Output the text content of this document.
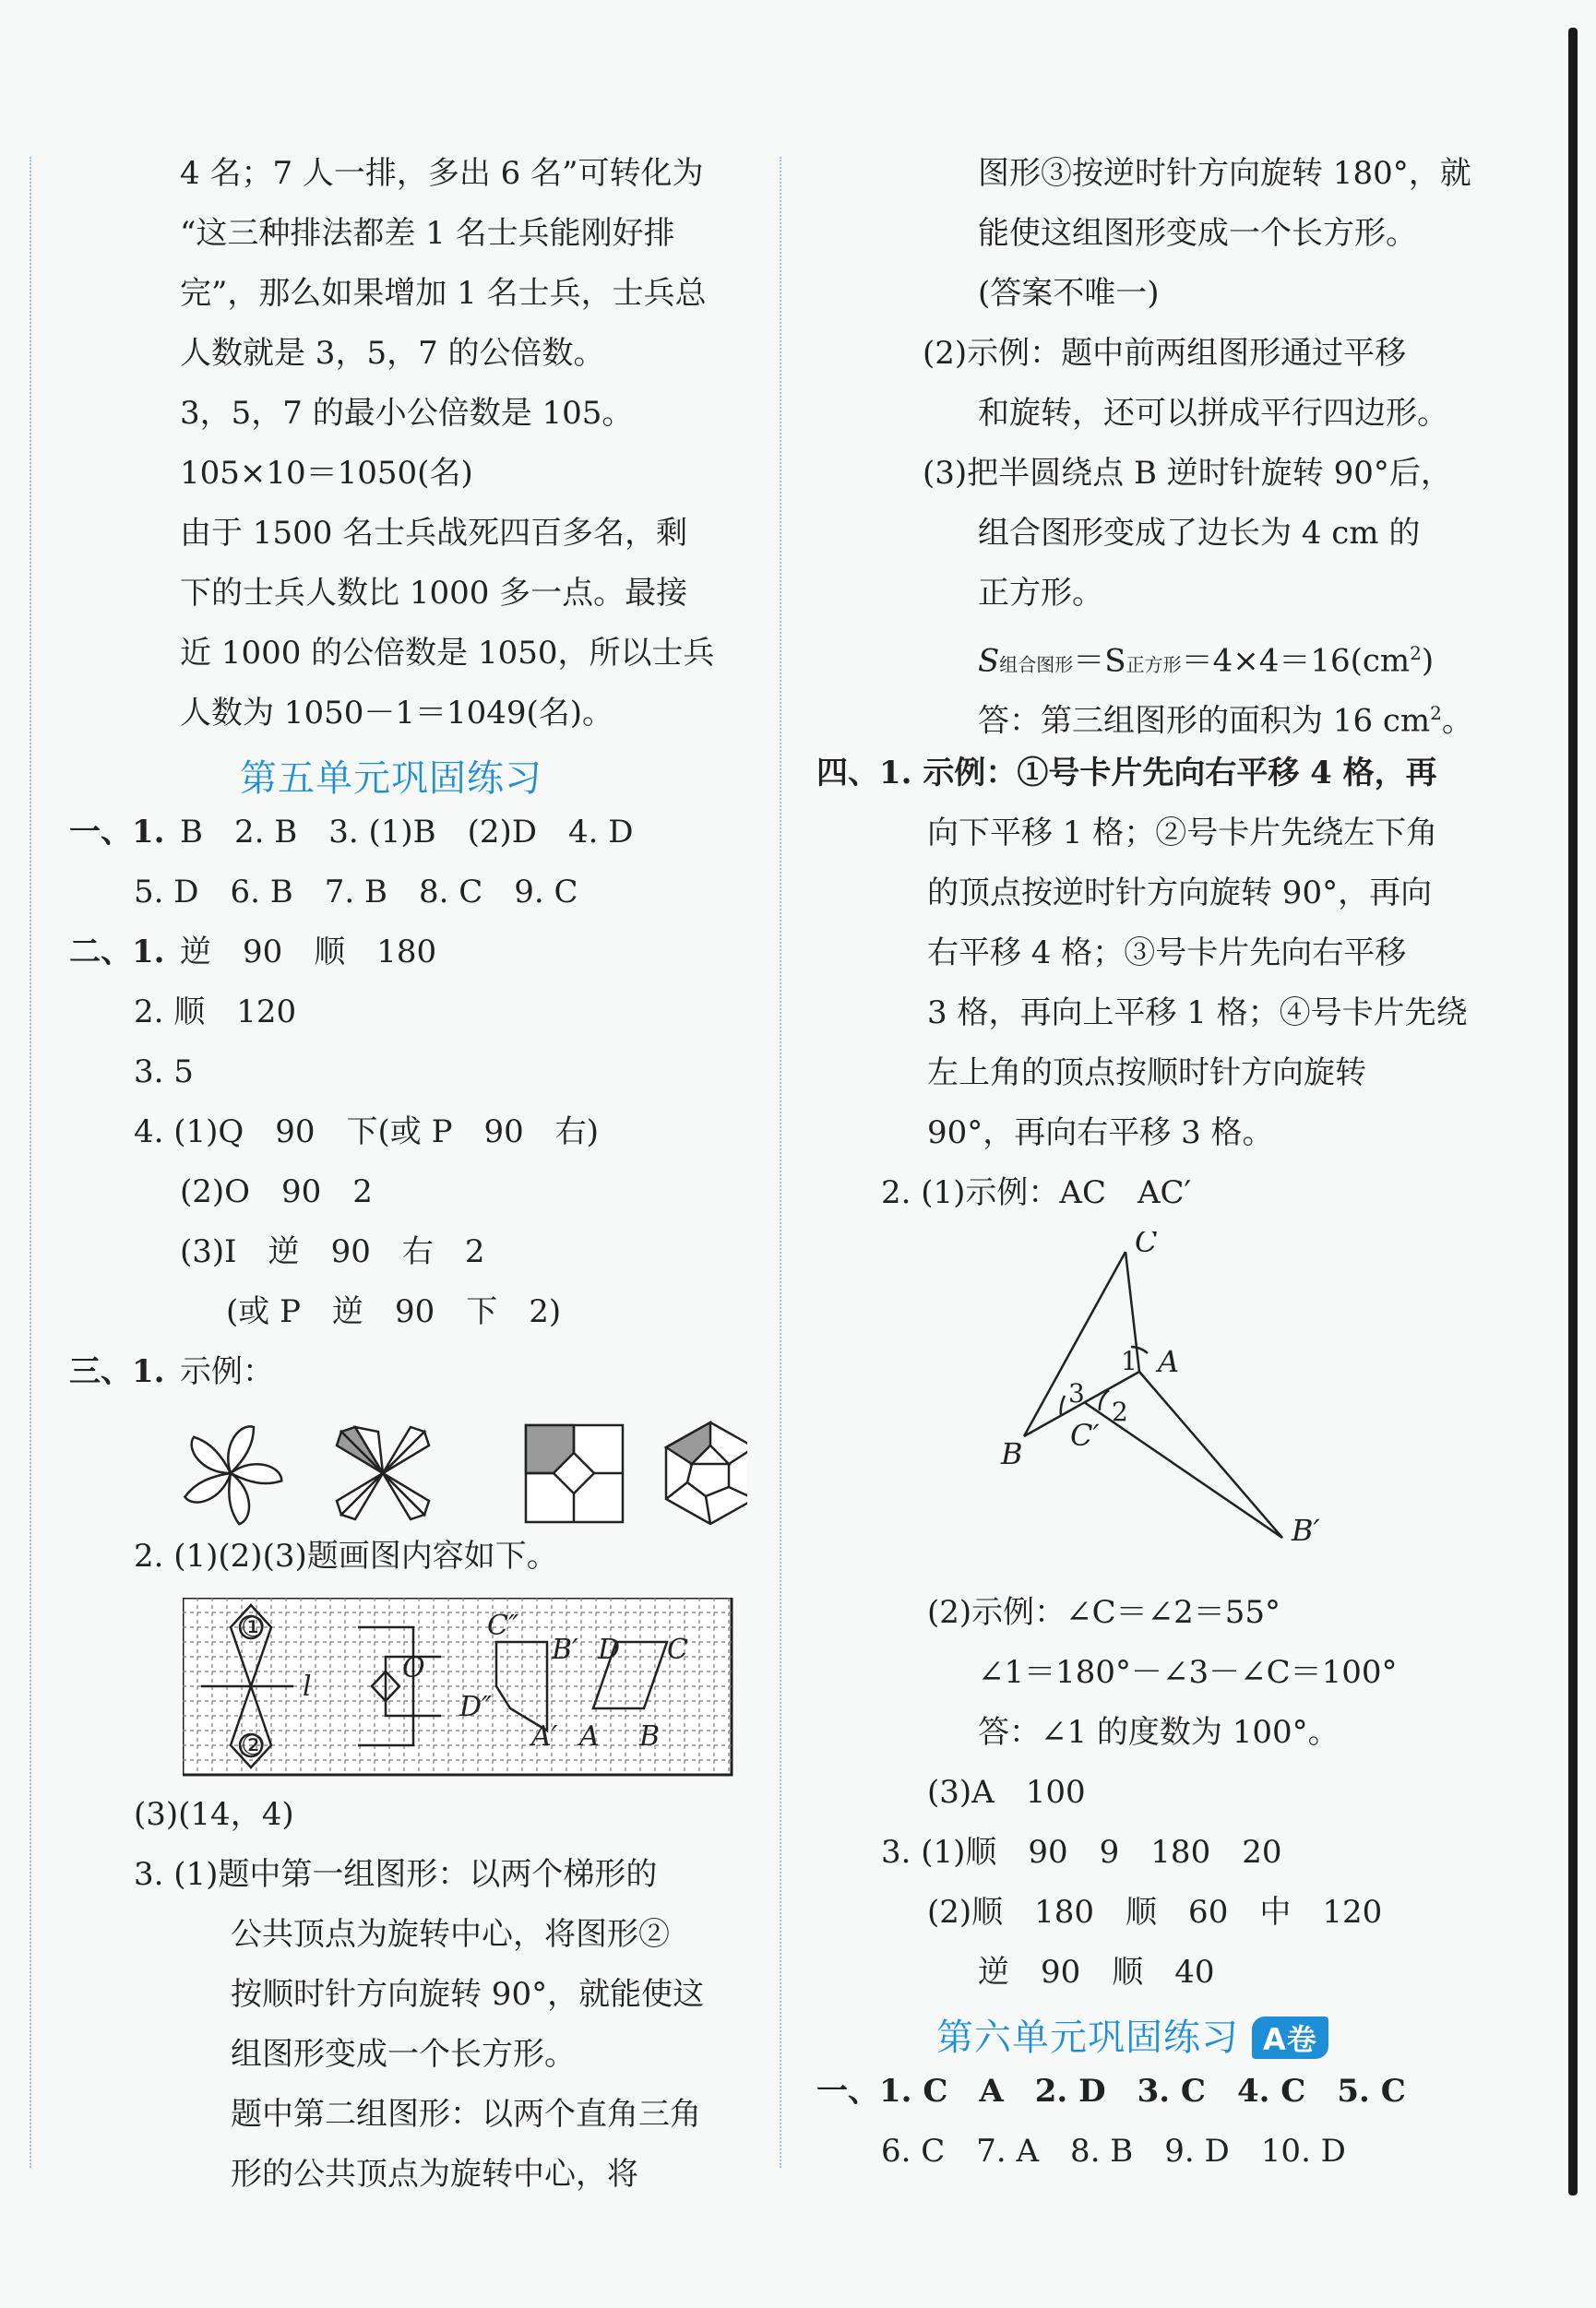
4 名；7 人一排，多出 6 名”可转化为
“这三种排法都差 1 名士兵能刚好排
完”，那么如果增加 1 名士兵，士兵总
人数就是 3，5，7 的公倍数。
3，5，7 的最小公倍数是 105。
105×10＝1050(名)
由于 1500 名士兵战死四百多名，剩
下的士兵人数比 1000 多一点。最接
近 1000 的公倍数是 1050，所以士兵
人数为 1050－1＝1049(名)。
第五单元巩固练习
一、1. B　2. B　3. (1)B　(2)D　4. D
5. D　6. B　7. B　8. C　9. C
二、1. 逆　90　顺　180
2. 顺　120
3. 5
4. (1)Q　90　下(或 P　90　右)
(2)O　90　2
(3)I　逆　90　右　2
(或 P　逆　90　下　2)
三、1. 示例：
2. (1)(2)(3)题画图内容如下。
①
②
l
O
C″
D″
B′
A′
D C
A B
(3)(14，4)
3. (1)题中第一组图形：以两个梯形的
公共顶点为旋转中心，将图形②
按顺时针方向旋转 90°，就能使这
组图形变成一个长方形。
题中第二组图形：以两个直角三角
形的公共顶点为旋转中心，将
图形③按逆时针方向旋转 180°，就
能使这组图形变成一个长方形。
(答案不唯一)
(2)示例：题中前两组图形通过平移
和旋转，还可以拼成平行四边形。
(3)把半圆绕点 B 逆时针旋转 90°后，
组合图形变成了边长为 4 cm 的
正方形。
S组合图形＝S正方形$=4\times 4=16(cm^2)$
答：第三组图形的面积为 16 $cm^2$。
四、1. 示例：①号卡片先向右平移 4 格，再
向下平移 1 格；②号卡片先绕左下角
的顶点按逆时针方向旋转 90°，再向
右平移 4 格；③号卡片先向右平移
3 格，再向上平移 1 格；④号卡片先绕
左上角的顶点按顺时针方向旋转
90°，再向右平移 3 格。
2. (1)示例：AC　AC′
C
A
B
B′
C′
1
2
3
(2)示例：∠C＝∠2＝55°
∠1＝180°－∠3－∠C＝100°
答：∠1 的度数为 100°。
(3)A　100
3. (1)顺　90　9　180　20
(2)顺　180　顺　60　中　120
逆　90　顺　40
第六单元巩固练习 A卷
一、1. C　A　2. D　3. C　4. C　5. C
6. C　7. A　8. B　9. D　10. D
